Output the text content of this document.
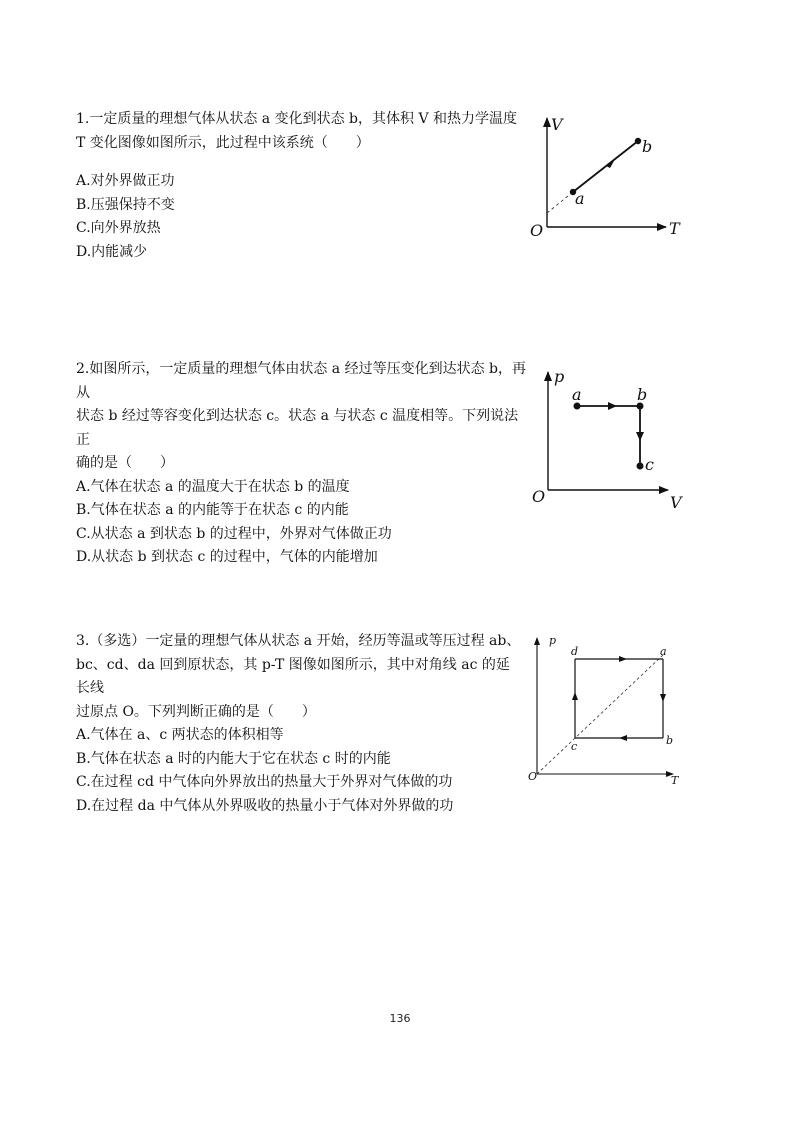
1.一定质量的理想气体从状态 a 变化到状态 b，其体积 V 和热力学温度

T 变化图像如图所示，此过程中该系统（　　）

A.对外界做正功

B.压强保持不变

C.向外界放热

D.内能减少

a
b
V
T
O

2.如图所示，一定质量的理想气体由状态 a 经过等压变化到达状态 b，再从

状态 b 经过等容变化到达状态 c。状态 a 与状态 c 温度相等。下列说法正

确的是（　　）

A.气体在状态 a 的温度大于在状态 b 的温度

B.气体在状态 a 的内能等于在状态 c 的内能

C.从状态 a 到状态 b 的过程中，外界对气体做正功

D.从状态 b 到状态 c 的过程中，气体的内能增加

a	b
c
p
V
O

3.（多选）一定量的理想气体从状态 a 开始，经历等温或等压过程 ab、

bc、cd、da 回到原状态，其 p-T 图像如图所示，其中对角线 ac 的延长线

过原点 O。下列判断正确的是（　　）

A.气体在 a、c 两状态的体积相等

B.气体在状态 a 时的内能大于它在状态 c 时的内能

C.在过程 cd 中气体向外界放出的热量大于外界对气体做的功

D.在过程 da 中气体从外界吸收的热量小于气体对外界做的功

d	a
c	b
p
T
O
136
